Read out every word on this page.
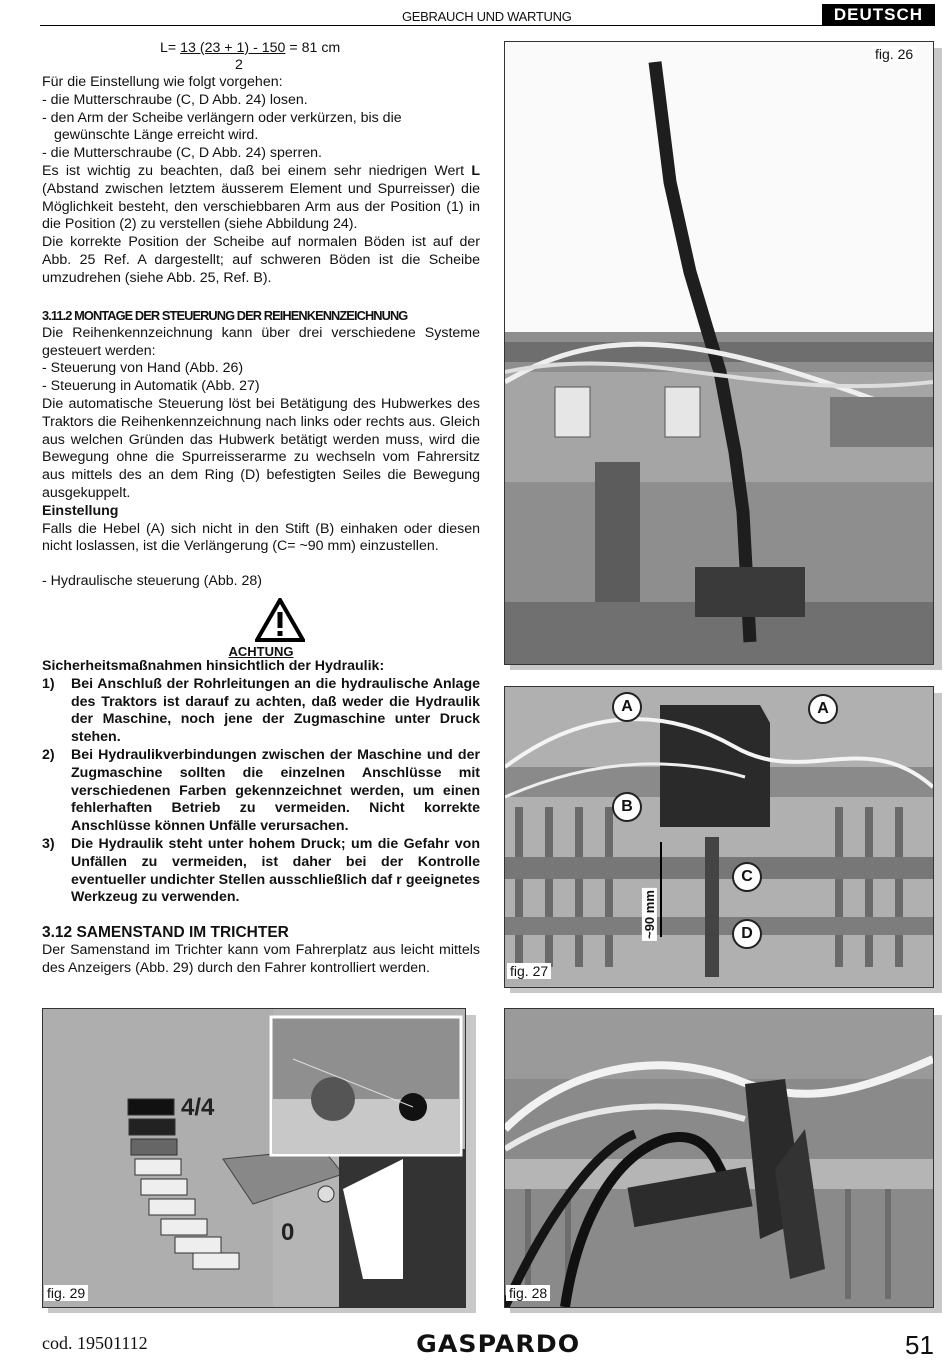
GEBRAUCH UND WARTUNG	DEUTSCH
L= 13 (23 + 1) - 150 = 81 cm
2

Für die Einstellung wie folgt vorgehen:

- die Mutterschraube (C, D Abb. 24) losen.

- den Arm der Scheibe verlängern oder verkürzen, bis die

gewünschte Länge erreicht wird.

- die Mutterschraube (C, D Abb. 24) sperren.

Es ist wichtig zu beachten, daß bei einem sehr niedrigen Wert L (Abstand zwischen letztem äusserem Element und Spurreisser) die Möglichkeit besteht, den verschiebbaren Arm aus der Position (1) in die Position (2) zu verstellen (siehe Abbildung 24).

Die korrekte Position der Scheibe auf normalen Böden ist auf der Abb. 25 Ref. A dargestellt; auf schweren Böden ist die Scheibe umzudrehen (siehe Abb. 25, Ref. B).

3.11.2 MONTAGE DER STEUERUNG DER REIHENKENNZEICHNUNG

Die Reihenkennzeichnung kann über drei verschiedene Systeme gesteuert werden:

- Steuerung von Hand (Abb. 26)

- Steuerung in Automatik (Abb. 27)

Die automatische Steuerung löst bei Betätigung des Hubwerkes des Traktors die Reihenkennzeichnung nach links oder rechts aus. Gleich aus welchen Gründen das Hubwerk betätigt werden muss, wird die Bewegung ohne die Spurreisserarme zu wechseln vom Fahrersitz aus mittels des an dem Ring (D) befestigten Seiles die Bewegung ausgekuppelt.

Einstellung

Falls die Hebel (A) sich nicht in den Stift (B) einhaken oder diesen nicht loslassen, ist die Verlängerung (C= ~90 mm) einzustellen.

- Hydraulische steuerung (Abb. 28)

ACHTUNG

Sicherheitsmaßnahmen hinsichtlich der Hydraulik:

1) Bei Anschluß der Rohrleitungen an die hydraulische Anlage des Traktors ist darauf zu achten, daß weder die Hydraulik der Maschine, noch jene der Zugmaschine unter Druck stehen.
2) Bei Hydraulikverbindungen zwischen der Maschine und der Zugmaschine sollten die einzelnen Anschlüsse mit verschiedenen Farben gekennzeichnet werden, um einen fehlerhaften Betrieb zu vermeiden. Nicht korrekte Anschlüsse können Unfälle verursachen.
3) Die Hydraulik steht unter hohem Druck; um die Gefahr von Unfällen zu vermeiden, ist daher bei der Kontrolle eventueller undichter Stellen ausschließlich daf r geeignetes Werkzeug zu verwenden.

3.12 SAMENSTAND IM TRICHTER

Der Samenstand im Trichter kann vom Fahrerplatz aus leicht mittels des Anzeigers (Abb. 29) durch den Fahrer kontrolliert werden.

fig. 26
A	A
B
C
D
~90 mm
fig. 27
4/4
0
fig. 29	fig. 28
cod. 19501112	GASPARDO	51
